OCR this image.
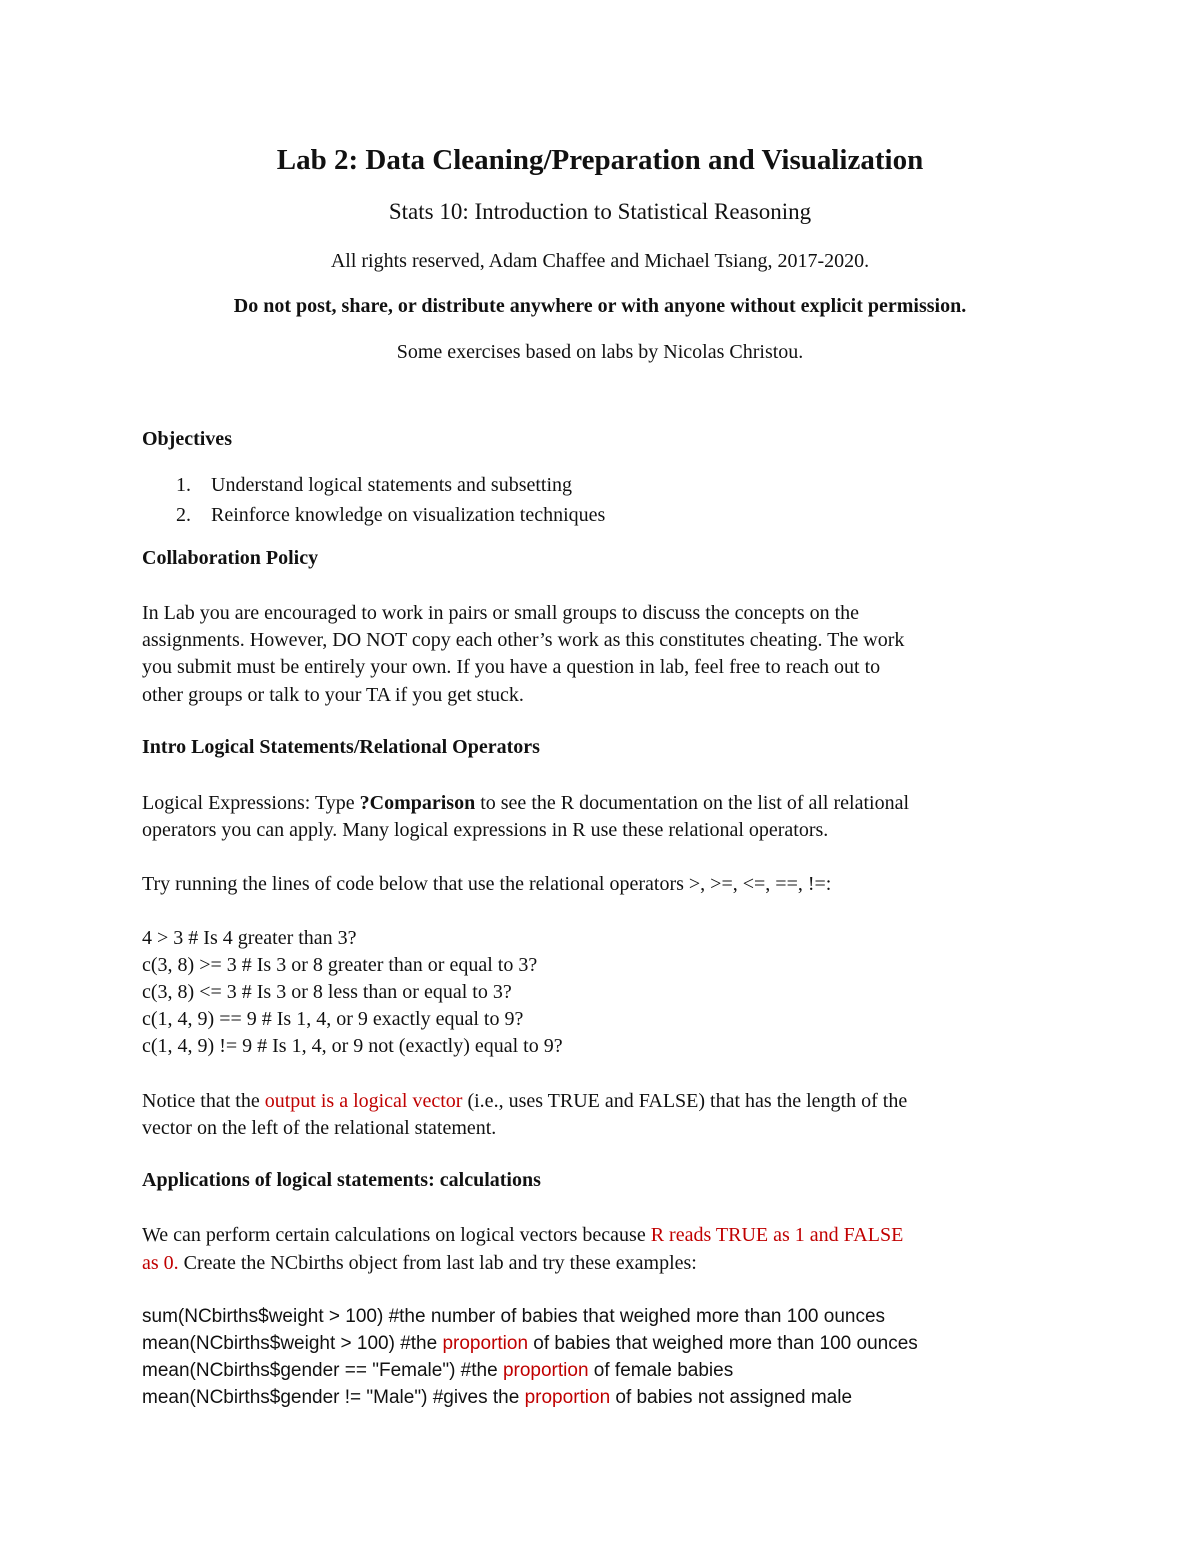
Lab 2: Data Cleaning/Preparation and Visualization

Stats 10: Introduction to Statistical Reasoning

All rights reserved, Adam Chaffee and Michael Tsiang, 2017-2020.

Do not post, share, or distribute anywhere or with anyone without explicit permission.

Some exercises based on labs by Nicolas Christou.

Objectives

1. Understand logical statements and subsetting

2. Reinforce knowledge on visualization techniques

Collaboration Policy

In Lab you are encouraged to work in pairs or small groups to discuss the concepts on the

assignments. However, DO NOT copy each other’s work as this constitutes cheating. The work

you submit must be entirely your own. If you have a question in lab, feel free to reach out to

other groups or talk to your TA if you get stuck.

Intro Logical Statements/Relational Operators

Logical Expressions: Type ?Comparison to see the R documentation on the list of all relational

operators you can apply. Many logical expressions in R use these relational operators.

Try running the lines of code below that use the relational operators >, >=, <=, ==, !=:

4 > 3 # Is 4 greater than 3?

c(3, 8) >= 3 # Is 3 or 8 greater than or equal to 3?

c(3, 8) <= 3 # Is 3 or 8 less than or equal to 3?

c(1, 4, 9) == 9 # Is 1, 4, or 9 exactly equal to 9?

c(1, 4, 9) != 9 # Is 1, 4, or 9 not (exactly) equal to 9?

Notice that the output is a logical vector (i.e., uses TRUE and FALSE) that has the length of the

vector on the left of the relational statement.

Applications of logical statements: calculations

We can perform certain calculations on logical vectors because R reads TRUE as 1 and FALSE

as 0. Create the NCbirths object from last lab and try these examples:

sum(NCbirths$weight > 100) #the number of babies that weighed more than 100 ounces

mean(NCbirths$weight > 100) #the proportion of babies that weighed more than 100 ounces

mean(NCbirths$gender == "Female") #the proportion of female babies

mean(NCbirths$gender != "Male") #gives the proportion of babies not assigned male
